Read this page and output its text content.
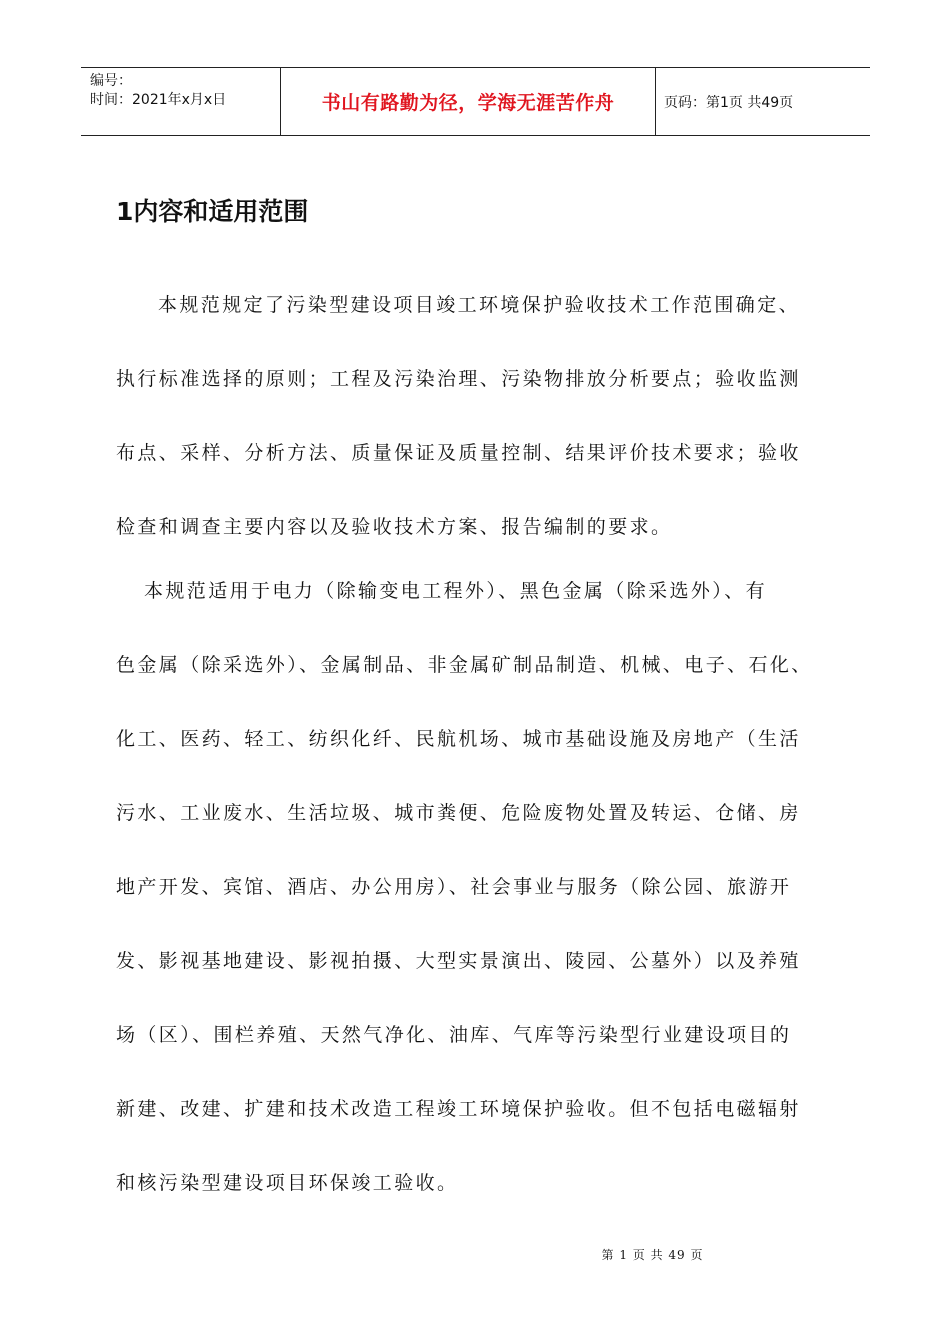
编号：
时间：2021年x月x日	书山有路勤为径，学海无涯苦作舟	页码：第1页 共49页
1内容和适用范围
本规范规定了污染型建设项目竣工环境保护验收技术工作范围确定、
执行标准选择的原则；工程及污染治理、污染物排放分析要点；验收监测
布点、采样、分析方法、质量保证及质量控制、结果评价技术要求；验收
检查和调查主要内容以及验收技术方案、报告编制的要求。
本规范适用于电力（除输变电工程外）、黑色金属（除采选外）、有
色金属（除采选外）、金属制品、非金属矿制品制造、机械、电子、石化、
化工、医药、轻工、纺织化纤、民航机场、城市基础设施及房地产（生活
污水、工业废水、生活垃圾、城市粪便、危险废物处置及转运、仓储、房
地产开发、宾馆、酒店、办公用房）、社会事业与服务（除公园、旅游开
发、影视基地建设、影视拍摄、大型实景演出、陵园、公墓外）以及养殖
场（区）、围栏养殖、天然气净化、油库、气库等污染型行业建设项目的
新建、改建、扩建和技术改造工程竣工环境保护验收。但不包括电磁辐射
和核污染型建设项目环保竣工验收。
第 1 页 共 49 页
